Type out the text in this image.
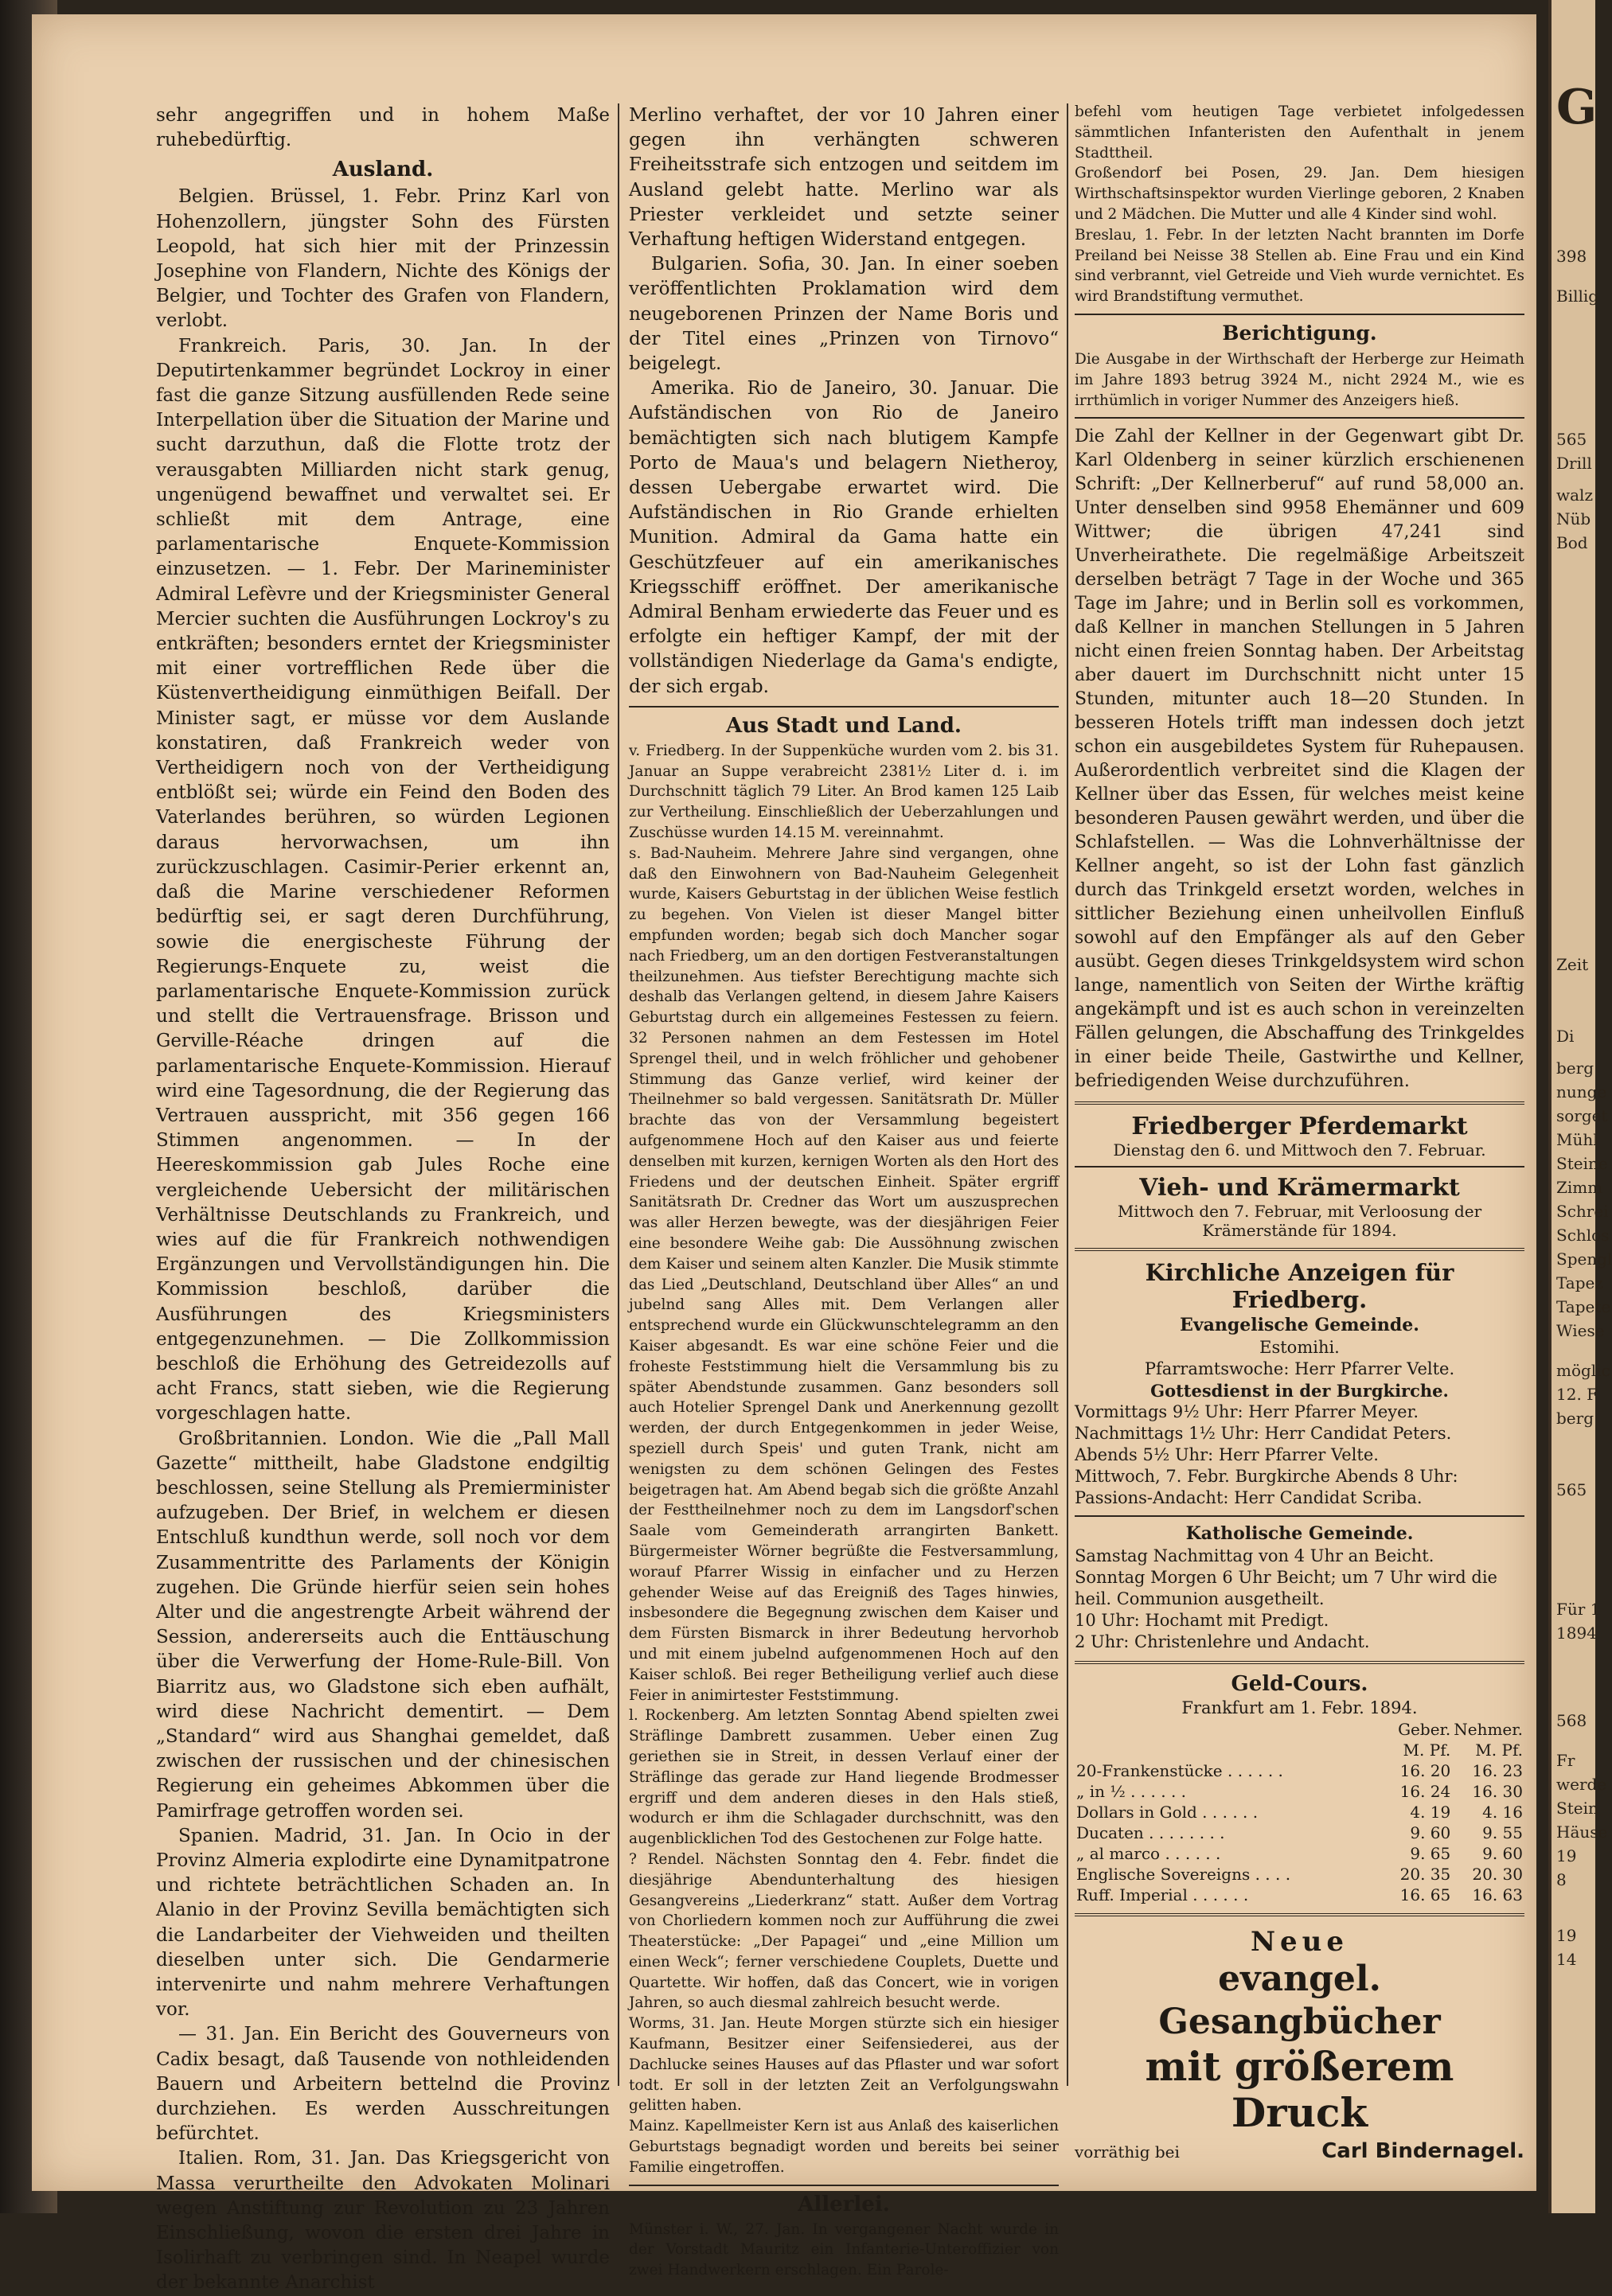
sehr angegriffen und in hohem Maße ruhebedürftig.

Ausland.

Belgien. Brüssel, 1. Febr. Prinz Karl von Hohenzollern, jüngster Sohn des Fürsten Leopold, hat sich hier mit der Prinzessin Josephine von Flandern, Nichte des Königs der Belgier, und Tochter des Grafen von Flandern, verlobt.

Frankreich. Paris, 30. Jan. In der Deputirtenkammer begründet Lockroy in einer fast die ganze Sitzung ausfüllenden Rede seine Interpellation über die Situation der Marine und sucht darzuthun, daß die Flotte trotz der verausgabten Milliarden nicht stark genug, ungenügend bewaffnet und verwaltet sei. Er schließt mit dem Antrage, eine parlamentarische Enquete-Kommission einzusetzen. — 1. Febr. Der Marineminister Admiral Lefèvre und der Kriegsminister General Mercier suchten die Ausführungen Lockroy's zu entkräften; besonders erntet der Kriegsminister mit einer vortrefflichen Rede über die Küstenvertheidigung einmüthigen Beifall. Der Minister sagt, er müsse vor dem Auslande konstatiren, daß Frankreich weder von Vertheidigern noch von der Vertheidigung entblößt sei; würde ein Feind den Boden des Vaterlandes berühren, so würden Legionen daraus hervorwachsen, um ihn zurückzuschlagen. Casimir-Perier erkennt an, daß die Marine verschiedener Reformen bedürftig sei, er sagt deren Durchführung, sowie die energischeste Führung der Regierungs-Enquete zu, weist die parlamentarische Enquete-Kommission zurück und stellt die Vertrauensfrage. Brisson und Gerville-Réache dringen auf die parlamentarische Enquete-Kommission. Hierauf wird eine Tagesordnung, die der Regierung das Vertrauen ausspricht, mit 356 gegen 166 Stimmen angenommen. — In der Heereskommission gab Jules Roche eine vergleichende Uebersicht der militärischen Verhältnisse Deutschlands zu Frankreich, und wies auf die für Frankreich nothwendigen Ergänzungen und Vervollständigungen hin. Die Kommission beschloß, darüber die Ausführungen des Kriegsministers entgegenzunehmen. — Die Zollkommission beschloß die Erhöhung des Getreidezolls auf acht Francs, statt sieben, wie die Regierung vorgeschlagen hatte.

Großbritannien. London. Wie die „Pall Mall Gazette“ mittheilt, habe Gladstone endgiltig beschlossen, seine Stellung als Premierminister aufzugeben. Der Brief, in welchem er diesen Entschluß kundthun werde, soll noch vor dem Zusammentritte des Parlaments der Königin zugehen. Die Gründe hierfür seien sein hohes Alter und die angestrengte Arbeit während der Session, andererseits auch die Enttäuschung über die Verwerfung der Home-Rule-Bill. Von Biarritz aus, wo Gladstone sich eben aufhält, wird diese Nachricht dementirt. — Dem „Standard“ wird aus Shanghai gemeldet, daß zwischen der russischen und der chinesischen Regierung ein geheimes Abkommen über die Pamirfrage getroffen worden sei.

Spanien. Madrid, 31. Jan. In Ocio in der Provinz Almeria explodirte eine Dynamitpatrone und richtete beträchtlichen Schaden an. In Alanio in der Provinz Sevilla bemächtigten sich die Landarbeiter der Viehweiden und theilten dieselben unter sich. Die Gendarmerie intervenirte und nahm mehrere Verhaftungen vor.

— 31. Jan. Ein Bericht des Gouverneurs von Cadix besagt, daß Tausende von nothleidenden Bauern und Arbeitern bettelnd die Provinz durchziehen. Es werden Ausschreitungen befürchtet.

Italien. Rom, 31. Jan. Das Kriegsgericht von Massa verurtheilte den Advokaten Molinari wegen Anstiftung zur Revolution zu 23 Jahren Einschließung, wovon die ersten drei Jahre in Isolirhaft zu verbringen sind. In Neapel wurde der bekannte Anarchist

Merlino verhaftet, der vor 10 Jahren einer gegen ihn verhängten schweren Freiheitsstrafe sich entzogen und seitdem im Ausland gelebt hatte. Merlino war als Priester verkleidet und setzte seiner Verhaftung heftigen Widerstand entgegen.

Bulgarien. Sofia, 30. Jan. In einer soeben veröffentlichten Proklamation wird dem neugeborenen Prinzen der Name Boris und der Titel eines „Prinzen von Tirnovo“ beigelegt.

Amerika. Rio de Janeiro, 30. Januar. Die Aufständischen von Rio de Janeiro bemächtigten sich nach blutigem Kampfe Porto de Maua's und belagern Nietheroy, dessen Uebergabe erwartet wird. Die Aufständischen in Rio Grande erhielten Munition. Admiral da Gama hatte ein Geschützfeuer auf ein amerikanisches Kriegsschiff eröffnet. Der amerikanische Admiral Benham erwiederte das Feuer und es erfolgte ein heftiger Kampf, der mit der vollständigen Niederlage da Gama's endigte, der sich ergab.

Aus Stadt und Land.

v. Friedberg. In der Suppenküche wurden vom 2. bis 31. Januar an Suppe verabreicht 2381½ Liter d. i. im Durchschnitt täglich 79 Liter. An Brod kamen 125 Laib zur Vertheilung. Einschließlich der Ueberzahlungen und Zuschüsse wurden 14.15 M. vereinnahmt.

s. Bad-Nauheim. Mehrere Jahre sind vergangen, ohne daß den Einwohnern von Bad-Nauheim Gelegenheit wurde, Kaisers Geburtstag in der üblichen Weise festlich zu begehen. Von Vielen ist dieser Mangel bitter empfunden worden; begab sich doch Mancher sogar nach Friedberg, um an den dortigen Festveranstaltungen theilzunehmen. Aus tiefster Berechtigung machte sich deshalb das Verlangen geltend, in diesem Jahre Kaisers Geburtstag durch ein allgemeines Festessen zu feiern. 32 Personen nahmen an dem Festessen im Hotel Sprengel theil, und in welch fröhlicher und gehobener Stimmung das Ganze verlief, wird keiner der Theilnehmer so bald vergessen. Sanitätsrath Dr. Müller brachte das von der Versammlung begeistert aufgenommene Hoch auf den Kaiser aus und feierte denselben mit kurzen, kernigen Worten als den Hort des Friedens und der deutschen Einheit. Später ergriff Sanitätsrath Dr. Credner das Wort um auszusprechen was aller Herzen bewegte, was der diesjährigen Feier eine besondere Weihe gab: Die Aussöhnung zwischen dem Kaiser und seinem alten Kanzler. Die Musik stimmte das Lied „Deutschland, Deutschland über Alles“ an und jubelnd sang Alles mit. Dem Verlangen aller entsprechend wurde ein Glückwunschtelegramm an den Kaiser abgesandt. Es war eine schöne Feier und die froheste Feststimmung hielt die Versammlung bis zu später Abendstunde zusammen. Ganz besonders soll auch Hotelier Sprengel Dank und Anerkennung gezollt werden, der durch Entgegenkommen in jeder Weise, speziell durch Speis' und guten Trank, nicht am wenigsten zu dem schönen Gelingen des Festes beigetragen hat. Am Abend begab sich die größte Anzahl der Festtheilnehmer noch zu dem im Langsdorf'schen Saale vom Gemeinderath arrangirten Bankett. Bürgermeister Wörner begrüßte die Festversammlung, worauf Pfarrer Wissig in einfacher und zu Herzen gehender Weise auf das Ereigniß des Tages hinwies, insbesondere die Begegnung zwischen dem Kaiser und dem Fürsten Bismarck in ihrer Bedeutung hervorhob und mit einem jubelnd aufgenommenen Hoch auf den Kaiser schloß. Bei reger Betheiligung verlief auch diese Feier in animirtester Feststimmung.

l. Rockenberg. Am letzten Sonntag Abend spielten zwei Sträflinge Dambrett zusammen. Ueber einen Zug geriethen sie in Streit, in dessen Verlauf einer der Sträflinge das gerade zur Hand liegende Brodmesser ergriff und dem anderen dieses in den Hals stieß, wodurch er ihm die Schlagader durchschnitt, was den augenblicklichen Tod des Gestochenen zur Folge hatte.

? Rendel. Nächsten Sonntag den 4. Febr. findet die diesjährige Abendunterhaltung des hiesigen Gesangvereins „Liederkranz“ statt. Außer dem Vortrag von Chorliedern kommen noch zur Aufführung die zwei Theaterstücke: „Der Papagei“ und „eine Million um einen Weck“; ferner verschiedene Couplets, Duette und Quartette. Wir hoffen, daß das Concert, wie in vorigen Jahren, so auch diesmal zahlreich besucht werde.

Worms, 31. Jan. Heute Morgen stürzte sich ein hiesiger Kaufmann, Besitzer einer Seifensiederei, aus der Dachlucke seines Hauses auf das Pflaster und war sofort todt. Er soll in der letzten Zeit an Verfolgungswahn gelitten haben.

Mainz. Kapellmeister Kern ist aus Anlaß des kaiserlichen Geburtstags begnadigt worden und bereits bei seiner Familie eingetroffen.

Allerlei.

Münster i. W., 27. Jan. In vergangener Nacht wurde in der Vorstadt Mauritz ein Infanterie-Unteroffizier von zwei Handwerkern erschlagen. Ein Parole-

befehl vom heutigen Tage verbietet infolgedessen sämmtlichen Infanteristen den Aufenthalt in jenem Stadttheil.

Großendorf bei Posen, 29. Jan. Dem hiesigen Wirthschaftsinspektor wurden Vierlinge geboren, 2 Knaben und 2 Mädchen. Die Mutter und alle 4 Kinder sind wohl.

Breslau, 1. Febr. In der letzten Nacht brannten im Dorfe Preiland bei Neisse 38 Stellen ab. Eine Frau und ein Kind sind verbrannt, viel Getreide und Vieh wurde vernichtet. Es wird Brandstiftung vermuthet.

Berichtigung.

Die Ausgabe in der Wirthschaft der Herberge zur Heimath im Jahre 1893 betrug 3924 M., nicht 2924 M., wie es irrthümlich in voriger Nummer des Anzeigers hieß.

Die Zahl der Kellner in der Gegenwart gibt Dr. Karl Oldenberg in seiner kürzlich erschienenen Schrift: „Der Kellnerberuf“ auf rund 58,000 an. Unter denselben sind 9958 Ehemänner und 609 Wittwer; die übrigen 47,241 sind Unverheirathete. Die regelmäßige Arbeitszeit derselben beträgt 7 Tage in der Woche und 365 Tage im Jahre; und in Berlin soll es vorkommen, daß Kellner in manchen Stellungen in 5 Jahren nicht einen freien Sonntag haben. Der Arbeitstag aber dauert im Durchschnitt nicht unter 15 Stunden, mitunter auch 18—20 Stunden. In besseren Hotels trifft man indessen doch jetzt schon ein ausgebildetes System für Ruhepausen. Außerordentlich verbreitet sind die Klagen der Kellner über das Essen, für welches meist keine besonderen Pausen gewährt werden, und über die Schlafstellen. — Was die Lohnverhältnisse der Kellner angeht, so ist der Lohn fast gänzlich durch das Trinkgeld ersetzt worden, welches in sittlicher Beziehung einen unheilvollen Einfluß sowohl auf den Empfänger als auf den Geber ausübt. Gegen dieses Trinkgeldsystem wird schon lange, namentlich von Seiten der Wirthe kräftig angekämpft und ist es auch schon in vereinzelten Fällen gelungen, die Abschaffung des Trinkgeldes in einer beide Theile, Gastwirthe und Kellner, befriedigenden Weise durchzuführen.

Friedberger Pferdemarkt
Dienstag den 6. und Mittwoch den 7. Februar.
Vieh- und Krämermarkt
Mittwoch den 7. Februar, mit Verloosung der Krämerstände für 1894.
Kirchliche Anzeigen für Friedberg.
Evangelische Gemeinde.

Estomihi.

Pfarramtswoche: Herr Pfarrer Velte.

Gottesdienst in der Burgkirche.

Vormittags 9½ Uhr: Herr Pfarrer Meyer.

Nachmittags 1½ Uhr: Herr Candidat Peters.

Abends 5½ Uhr: Herr Pfarrer Velte.

Mittwoch, 7. Febr. Burgkirche Abends 8 Uhr: Passions-Andacht: Herr Candidat Scriba.

Katholische Gemeinde.

Samstag Nachmittag von 4 Uhr an Beicht.

Sonntag Morgen 6 Uhr Beicht; um 7 Uhr wird die heil. Communion ausgetheilt.

10 Uhr: Hochamt mit Predigt.

2 Uhr: Christenlehre und Andacht.

Geld-Cours.

Frankfurt am 1. Febr. 1894.

	Geber.	Nehmer.
	M. Pf.	M. Pf.
20-Frankenstücke . . . . . .	16. 20	16. 23
„ in ½ . . . . . .	16. 24	16. 30
Dollars in Gold . . . . . .	4. 19	4. 16
Ducaten . . . . . . . .	9. 60	9. 55
„ al marco . . . . . .	9. 65	9. 60
Englische Sovereigns . . . .	20. 35	20. 30
Ruff. Imperial . . . . . .	16. 65	16. 63
Neue
evangel. Gesangbücher
mit größerem Druck
vorräthig bei	Carl Bindernagel.
G
398
Billig
565
Drill
walz
Nüb
Bod
Zeit
Di
berg
nunge
sorget
Mühl
Steine
Zimm
Schrei
Schlos
Spengl
Tapez
Tapete
Wiese
möglic
12. F
berg
565
Für 1
1894
568
Fr
werde
Stein
Häuse
19
8
19
14
